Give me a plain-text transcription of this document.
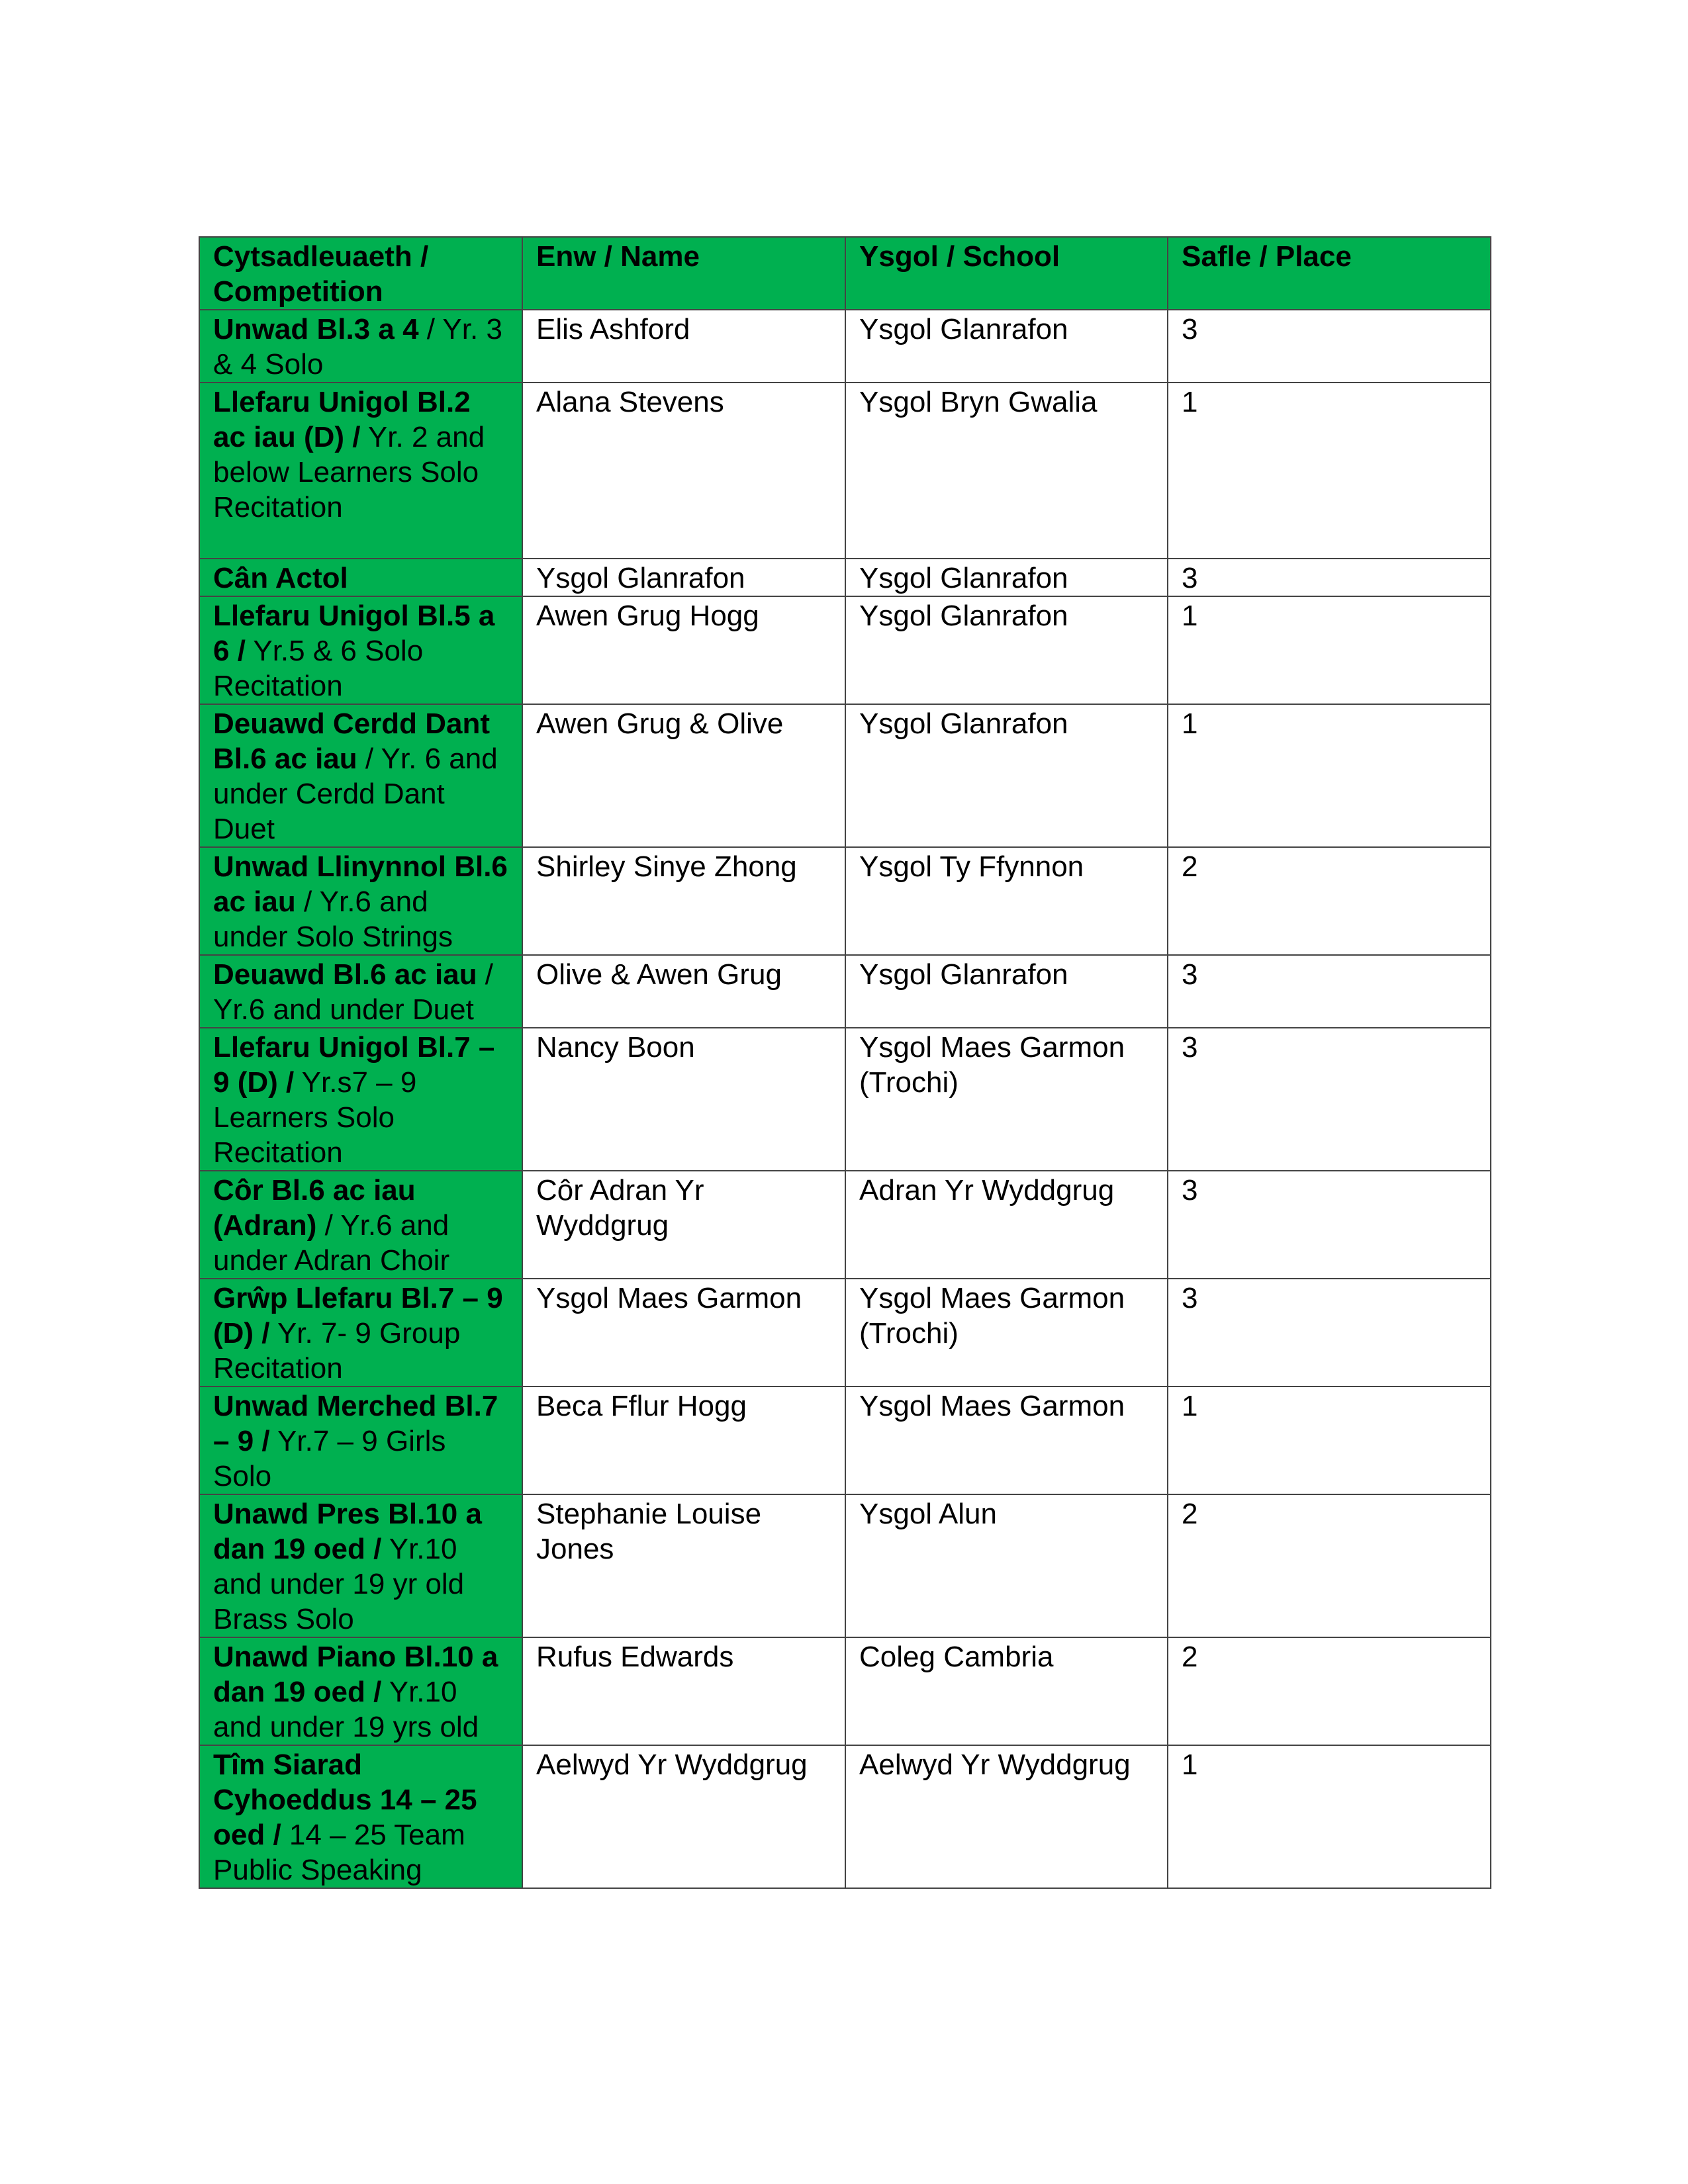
Cytsadleuaeth / Competition	Enw / Name	Ysgol / School	Safle / Place
Unwad Bl.3 a 4 / Yr. 3 & 4 Solo	Elis Ashford	Ysgol Glanrafon	3
Llefaru Unigol Bl.2 ac iau (D) / Yr. 2 and below Learners Solo Recitation	Alana Stevens	Ysgol Bryn Gwalia	1
Cân Actol	Ysgol Glanrafon	Ysgol Glanrafon	3
Llefaru Unigol Bl.5 a 6 / Yr.5 & 6 Solo Recitation	Awen Grug Hogg	Ysgol Glanrafon	1
Deuawd Cerdd Dant Bl.6 ac iau / Yr. 6 and under Cerdd Dant Duet	Awen Grug & Olive	Ysgol Glanrafon	1
Unwad Llinynnol Bl.6 ac iau / Yr.6 and under Solo Strings	Shirley Sinye Zhong	Ysgol Ty Ffynnon	2
Deuawd Bl.6 ac iau / Yr.6 and under Duet	Olive & Awen Grug	Ysgol Glanrafon	3
Llefaru Unigol Bl.7 – 9 (D) / Yr.s7 – 9 Learners Solo Recitation	Nancy Boon	Ysgol Maes Garmon (Trochi)	3
Côr Bl.6 ac iau (Adran) / Yr.6 and under Adran Choir	Côr Adran Yr Wyddgrug	Adran Yr Wyddgrug	3
Grŵp Llefaru Bl.7 – 9 (D) / Yr. 7- 9 Group Recitation	Ysgol Maes Garmon	Ysgol Maes Garmon (Trochi)	3
Unwad Merched Bl.7 – 9 / Yr.7 – 9 Girls Solo	Beca Fflur Hogg	Ysgol Maes Garmon	1
Unawd Pres Bl.10 a dan 19 oed / Yr.10 and under 19 yr old Brass Solo	Stephanie Louise Jones	Ysgol Alun	2
Unawd Piano Bl.10 a dan 19 oed / Yr.10 and under 19 yrs old	Rufus Edwards	Coleg Cambria	2
Tîm Siarad Cyhoeddus 14 – 25 oed / 14 – 25 Team Public Speaking	Aelwyd Yr Wyddgrug	Aelwyd Yr Wyddgrug	1
